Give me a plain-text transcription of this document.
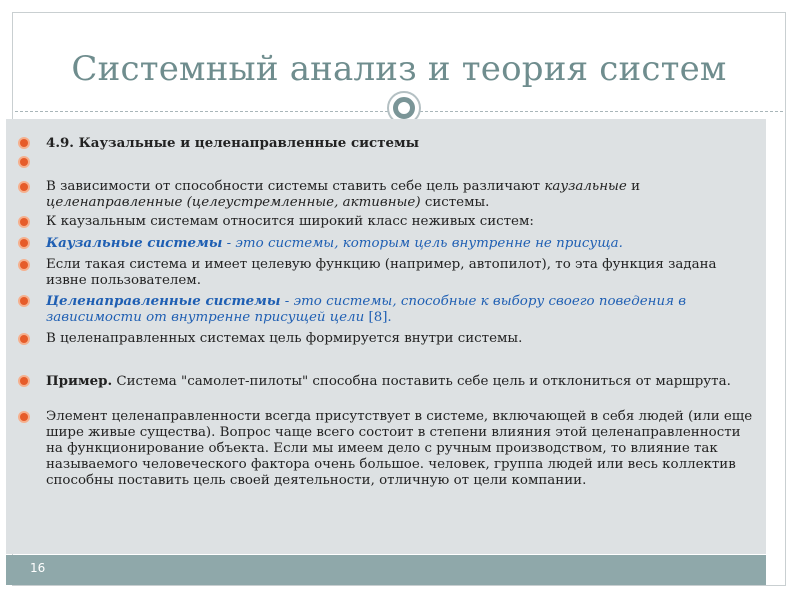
Системный анализ и теория систем
4.9. Каузальные и целенаправленные системы
В зависимости от способности системы ставить себе цель различают каузальные и целенаправленные (целеустремленные, активные) системы.
К каузальным системам относится широкий класс неживых систем:
Каузальные системы - это системы, которым цель внутренне не присуща.
Если такая система и имеет целевую функцию (например, автопилот), то эта функция задана извне пользователем.
Целенаправленные системы - это системы, способные к выбору своего поведения в зависимости от внутренне присущей цели [8].
В целенаправленных системах цель формируется внутри системы.
Пример. Система "самолет-пилоты" способна поставить себе цель и отклониться от маршрута.
Элемент целенаправленности всегда присутствует в системе, включающей в себя людей (или еще шире живые существа). Вопрос чаще всего состоит в степени влияния этой целенаправленности на функционирование объекта. Если мы имеем дело с ручным производством, то влияние так называемого человеческого фактора очень большое. человек, группа людей или весь коллектив способны поставить цель своей деятельности, отличную от цели компании.
16
